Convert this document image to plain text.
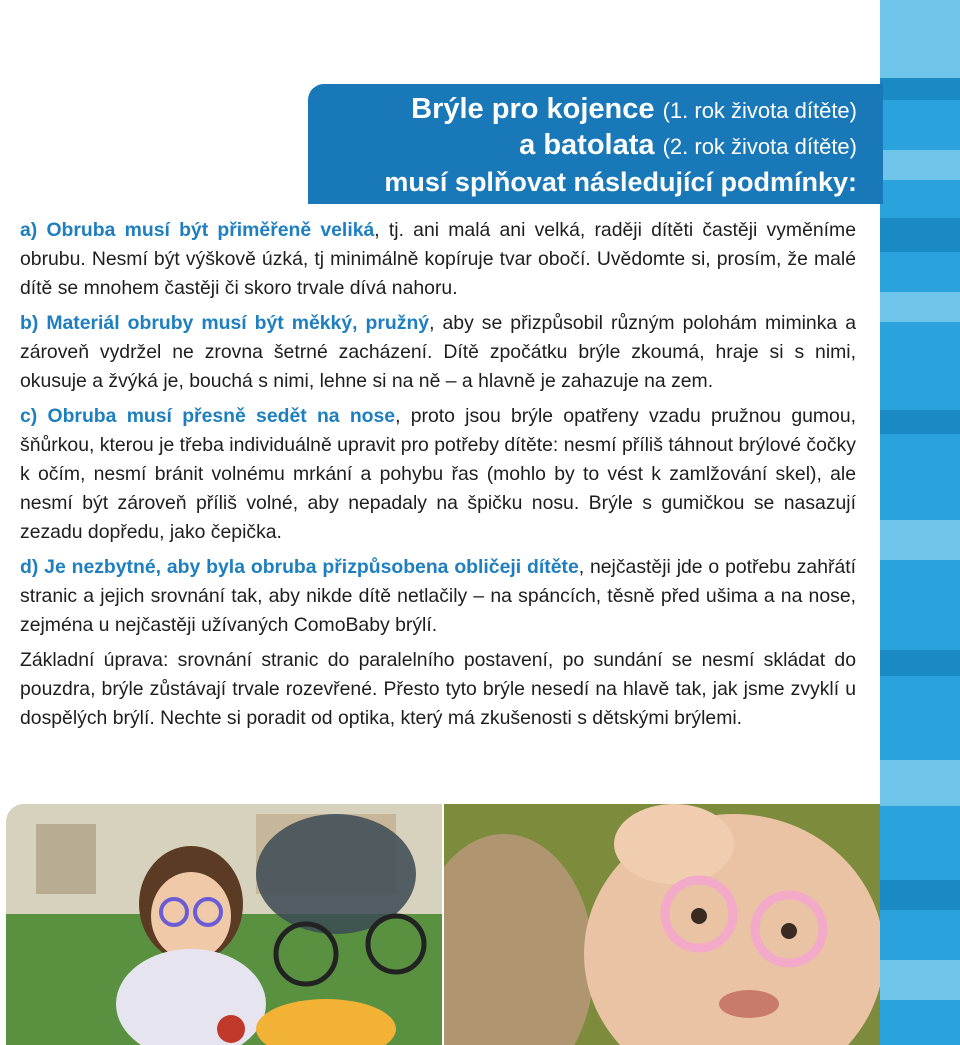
Brýle pro kojence (1. rok života dítěte)
a batolata (2. rok života dítěte)
musí splňovat následující podmínky:

a) Obruba musí být přiměřeně veliká, tj. ani malá ani velká, raději dítěti častěji vyměníme obrubu. Nesmí být výškově úzká, tj minimálně kopíruje tvar obočí. Uvědomte si, prosím, že malé dítě se mnohem častěji či skoro trvale dívá nahoru.

b) Materiál obruby musí být měkký, pružný, aby se přizpůsobil různým polohám miminka a zároveň vydržel ne zrovna šetrné zacházení. Dítě zpočátku brýle zkoumá, hraje si s nimi, okusuje a žvýká je, bouchá s nimi, lehne si na ně – a hlavně je zahazuje na zem.

c) Obruba musí přesně sedět na nose, proto jsou brýle opatřeny vzadu pružnou gumou, šňůrkou, kterou je třeba individuálně upravit pro potřeby dítěte: nesmí příliš táhnout brýlové čočky k očím, nesmí bránit volnému mrkání a pohybu řas (mohlo by to vést k zamlžování skel), ale nesmí být zároveň příliš volné, aby nepadaly na špičku nosu. Brýle s gumičkou se nasazují zezadu dopředu, jako čepička.

d) Je nezbytné, aby byla obruba přizpůsobena obličeji dítěte, nejčastěji jde o potřebu zahřátí stranic a jejich srovnání tak, aby nikde dítě netlačily – na spáncích, těsně před ušima a na nose, zejména u nejčastěji užívaných ComoBaby brýlí.

Základní úprava: srovnání stranic do paralelního postavení, po sundání se nesmí skládat do pouzdra, brýle zůstávají trvale rozevřené. Přesto tyto brýle nesedí na hlavě tak, jak jsme zvyklí u dospělých brýlí. Nechte si poradit od optika, který má zkušenosti s dětskými brýlemi.
